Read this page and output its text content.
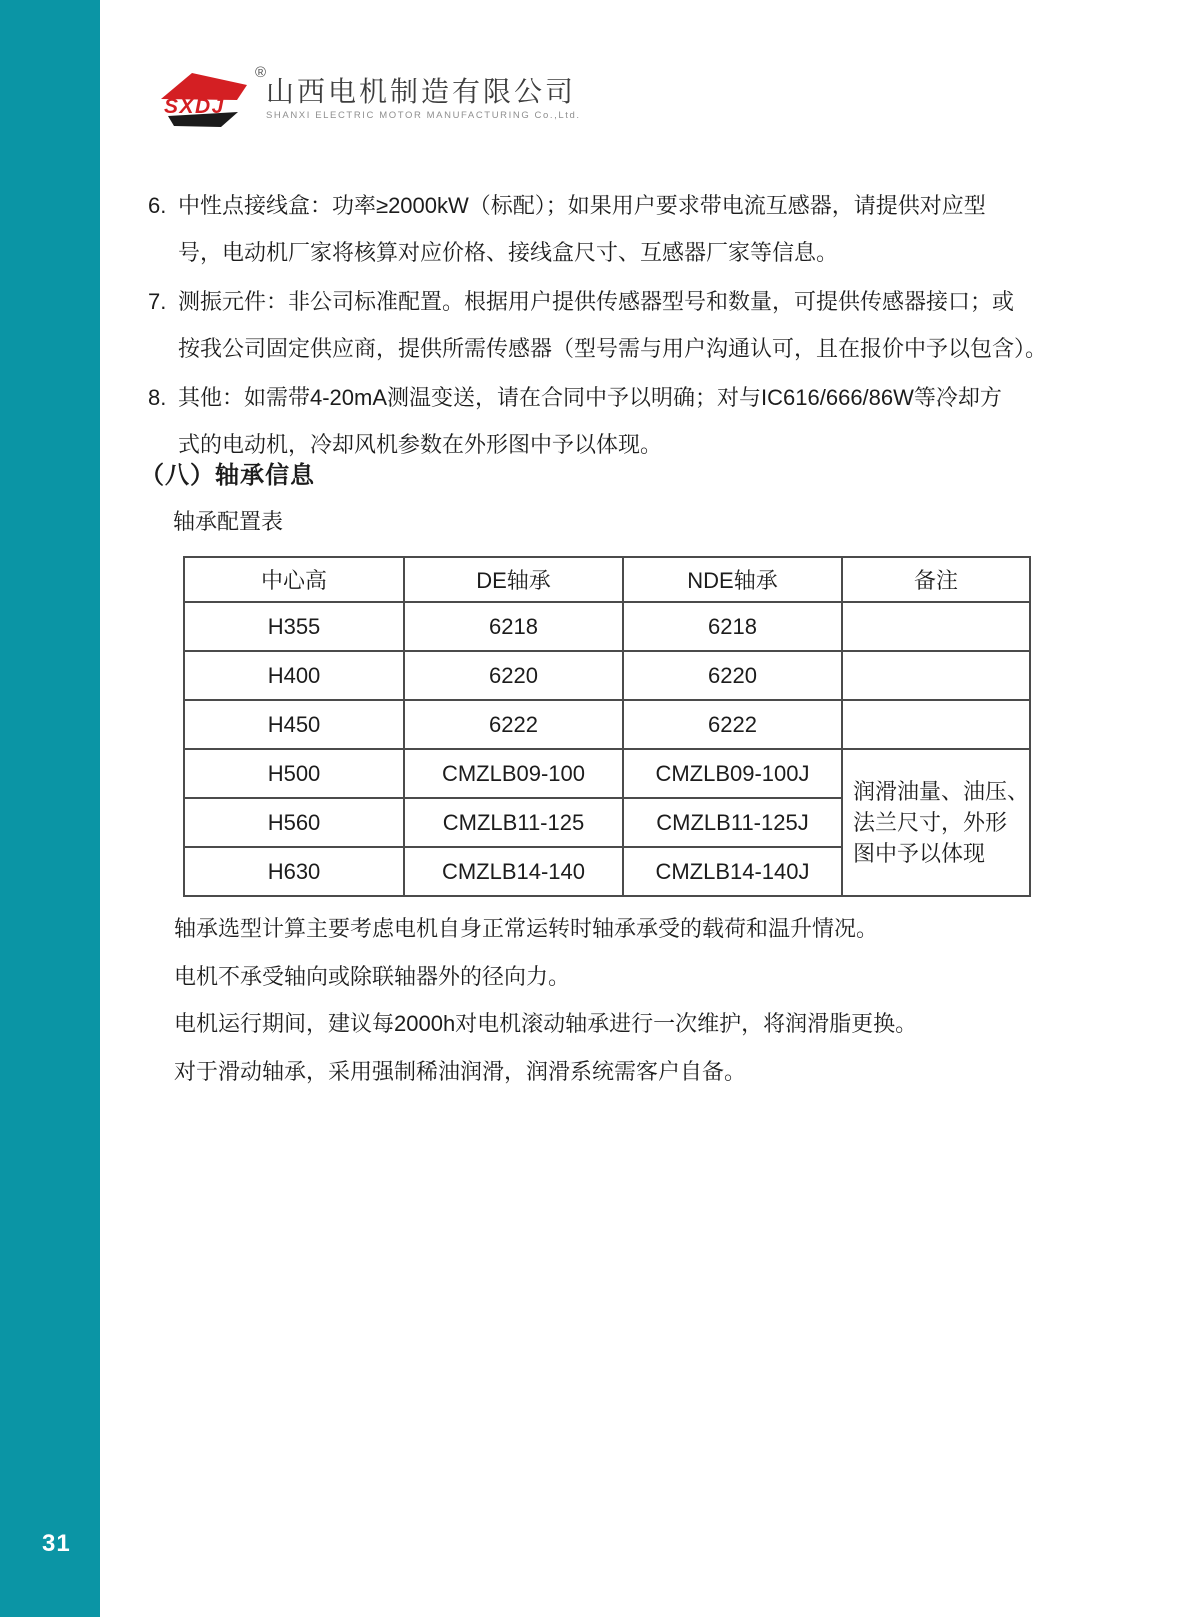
31
SXDJ
®
山西电机制造有限公司
SHANXI ELECTRIC MOTOR MANUFACTURING Co.,Ltd.
6. 中性点接线盒：功率≥2000kW（标配）；如果用户要求带电流互感器，请提供对应型
号，电动机厂家将核算对应价格、接线盒尺寸、互感器厂家等信息。
7. 测振元件：非公司标准配置。根据用户提供传感器型号和数量，可提供传感器接口；或
按我公司固定供应商，提供所需传感器（型号需与用户沟通认可，且在报价中予以包含）。
8. 其他：如需带4-20mA测温变送，请在合同中予以明确；对与IC616/666/86W等冷却方
式的电动机，冷却风机参数在外形图中予以体现。
（八）轴承信息
轴承配置表
中心高	DE轴承	NDE轴承	备注
H355	6218	6218	
H400	6220	6220	
H450	6222	6222	
H500	CMZLB09-100	CMZLB09-100J	润滑油量、油压、
法兰尺寸，外形
图中予以体现

H560	CMZLB11-125	CMZLB11-125J	
H630	CMZLB14-140	CMZLB14-140J	
轴承选型计算主要考虑电机自身正常运转时轴承承受的载荷和温升情况。
电机不承受轴向或除联轴器外的径向力。
电机运行期间，建议每2000h对电机滚动轴承进行一次维护，将润滑脂更换。
对于滑动轴承，采用强制稀油润滑，润滑系统需客户自备。
